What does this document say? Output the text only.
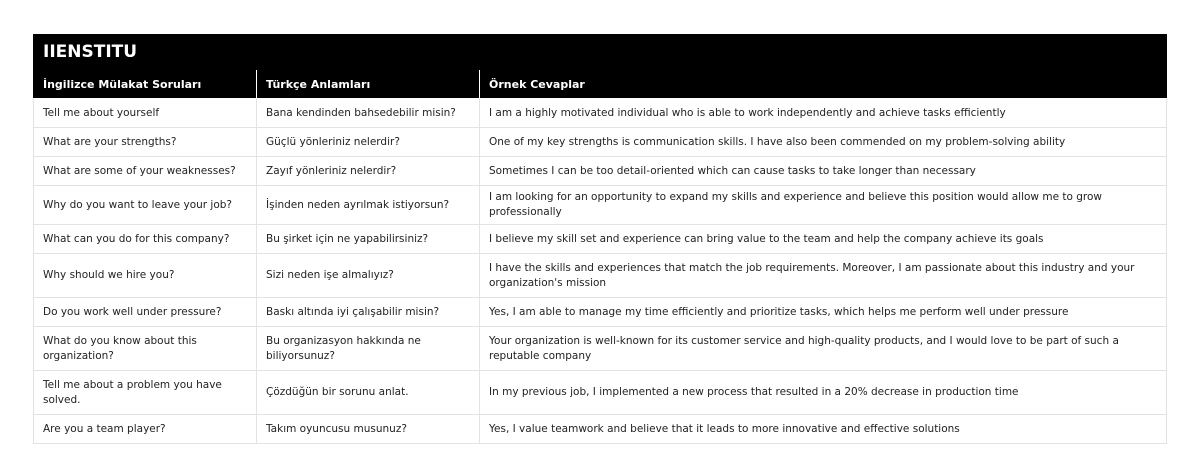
IIENSTITU		
İngilizce Mülakat Soruları	Türkçe Anlamları	Örnek Cevaplar
Tell me about yourself	Bana kendinden bahsedebilir misin?	I am a highly motivated individual who is able to work independently and achieve tasks efficiently
What are your strengths?	Güçlü yönleriniz nelerdir?	One of my key strengths is communication skills. I have also been commended on my problem-solving ability
What are some of your weaknesses?	Zayıf yönleriniz nelerdir?	Sometimes I can be too detail-oriented which can cause tasks to take longer than necessary
Why do you want to leave your job?	İşinden neden ayrılmak istiyorsun?	I am looking for an opportunity to expand my skills and experience and believe this position would allow me to grow professionally
What can you do for this company?	Bu şirket için ne yapabilirsiniz?	I believe my skill set and experience can bring value to the team and help the company achieve its goals
Why should we hire you?	Sizi neden işe almalıyız?	I have the skills and experiences that match the job requirements. Moreover, I am passionate about this industry and your organization's mission
Do you work well under pressure?	Baskı altında iyi çalışabilir misin?	Yes, I am able to manage my time efficiently and prioritize tasks, which helps me perform well under pressure
What do you know about this organization?	Bu organizasyon hakkında ne biliyorsunuz?	Your organization is well-known for its customer service and high-quality products, and I would love to be part of such a reputable company
Tell me about a problem you have solved.	Çözdüğün bir sorunu anlat.	In my previous job, I implemented a new process that resulted in a 20% decrease in production time
Are you a team player?	Takım oyuncusu musunuz?	Yes, I value teamwork and believe that it leads to more innovative and effective solutions
